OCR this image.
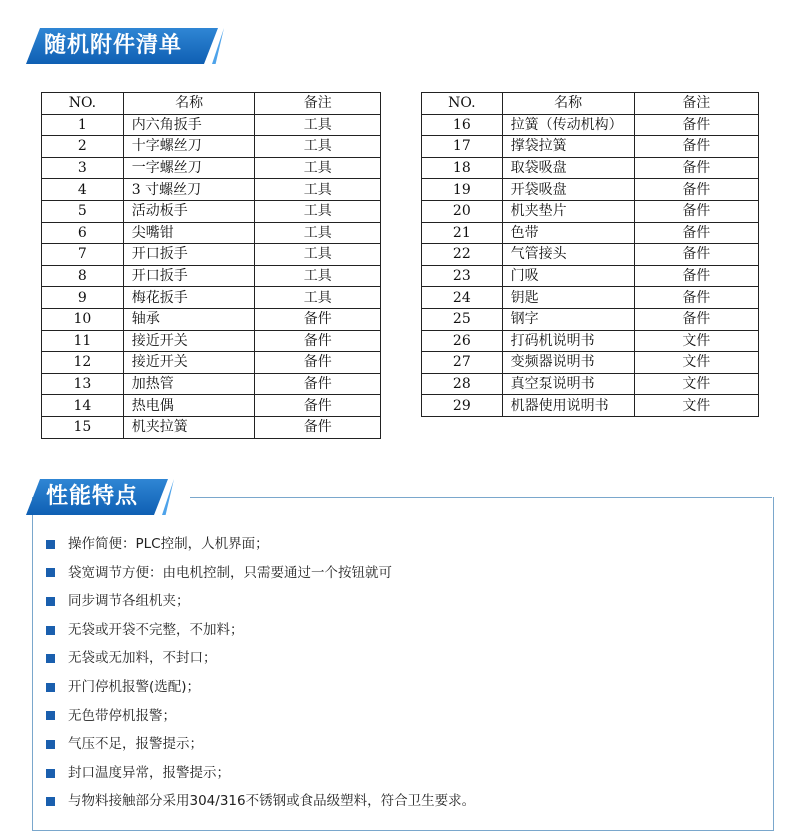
随机附件清单
NO.	名称	备注
1	内六角扳手	工具
2	十字螺丝刀	工具
3	一字螺丝刀	工具
4	3 寸螺丝刀	工具
5	活动板手	工具
6	尖嘴钳	工具
7	开口扳手	工具
8	开口扳手	工具
9	梅花扳手	工具
10	轴承	备件
11	接近开关	备件
12	接近开关	备件
13	加热管	备件
14	热电偶	备件
15	机夹拉簧	备件
NO.	名称	备注
16	拉簧（传动机构）	备件
17	撑袋拉簧	备件
18	取袋吸盘	备件
19	开袋吸盘	备件
20	机夹垫片	备件
21	色带	备件
22	气管接头	备件
23	门吸	备件
24	钥匙	备件
25	钢字	备件
26	打码机说明书	文件
27	变频器说明书	文件
28	真空泵说明书	文件
29	机器使用说明书	文件
性能特点
操作简便：PLC控制，人机界面；
袋宽调节方便：由电机控制，只需要通过一个按钮就可
同步调节各组机夹；
无袋或开袋不完整，不加料；
无袋或无加料，不封口；
开门停机报警(选配)；
无色带停机报警；
气压不足，报警提示；
封口温度异常，报警提示；
与物料接触部分采用304/316不锈钢或食品级塑料，符合卫生要求。
